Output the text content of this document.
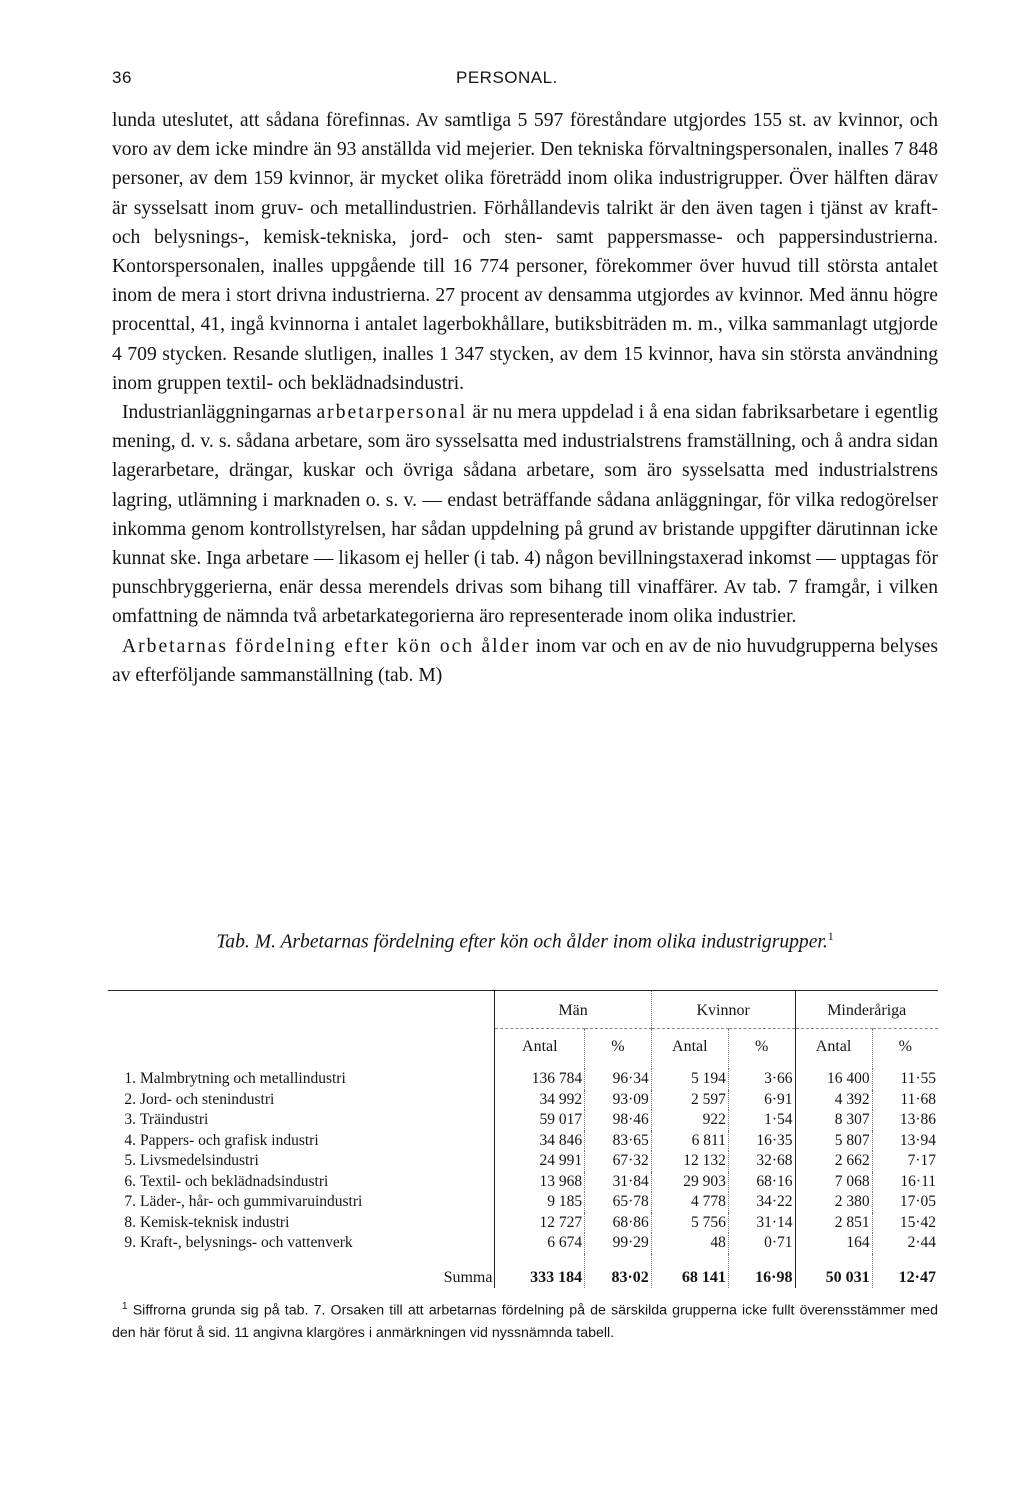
36	PERSONAL.

lunda uteslutet, att sådana förefinnas. Av samtliga 5 597 föreståndare utgjordes 155 st. av kvinnor, och voro av dem icke mindre än 93 anställda vid mejerier. Den tekniska förvaltningspersonalen, inalles 7 848 personer, av dem 159 kvinnor, är mycket olika företrädd inom olika industrigrupper. Över hälften därav är sysselsatt inom gruv- och metallindustrien. Förhållandevis talrikt är den även tagen i tjänst av kraft- och belysnings-, kemisk-tekniska, jord- och sten- samt pappersmasse- och pappersindustrierna. Kontorspersonalen, inalles uppgående till 16 774 personer, förekommer över huvud till största antalet inom de mera i stort drivna industrierna. 27 procent av densamma utgjordes av kvinnor. Med ännu högre procenttal, 41, ingå kvinnorna i antalet lagerbokhållare, butiksbiträden m. m., vilka sammanlagt utgjorde 4 709 stycken. Resande slutligen, inalles 1 347 stycken, av dem 15 kvinnor, hava sin största användning inom gruppen textil- och beklädnadsindustri.

Industrianläggningarnas arbetarpersonal är nu mera uppdelad i å ena sidan fabriksarbetare i egentlig mening, d. v. s. sådana arbetare, som äro sysselsatta med industrialstrens framställning, och å andra sidan lagerarbetare, drängar, kuskar och övriga sådana arbetare, som äro sysselsatta med industrialstrens lagring, utlämning i marknaden o. s. v. — endast beträffande sådana anläggningar, för vilka redogörelser inkomma genom kontrollstyrelsen, har sådan uppdelning på grund av bristande uppgifter därutinnan icke kunnat ske. Inga arbetare — likasom ej heller (i tab. 4) någon bevillningstaxerad inkomst — upptagas för punschbryggerierna, enär dessa merendels drivas som bihang till vinaffärer. Av tab. 7 framgår, i vilken omfattning de nämnda två arbetarkategorierna äro representerade inom olika industrier.

Arbetarnas fördelning efter kön och ålder inom var och en av de nio huvudgrupperna belyses av efterföljande sammanställning (tab. M)

Tab. M. Arbetarnas fördelning efter kön och ålder inom olika industrigrupper.$^1$

		Män		Kvinnor		Minderåriga	
		Antal	%	Antal	%	Antal	%
1.	Malmbrytning och metallindustri	136 784	96·34	5 194	3·66	16 400	11·55
2.	Jord- och stenindustri	34 992	93·09	2 597	6·91	4 392	11·68
3.	Träindustri	59 017	98·46	922	1·54	8 307	13·86
4.	Pappers- och grafisk industri	34 846	83·65	6 811	16·35	5 807	13·94
5.	Livsmedelsindustri	24 991	67·32	12 132	32·68	2 662	7·17
6.	Textil- och beklädnadsindustri	13 968	31·84	29 903	68·16	7 068	16·11
7.	Läder-, hår- och gummivaruindustri	9 185	65·78	4 778	34·22	2 380	17·05
8.	Kemisk-teknisk industri	12 727	68·86	5 756	31·14	2 851	15·42
9.	Kraft-, belysnings- och vattenverk	6 674	99·29	48	0·71	164	2·44
Summa		333 184	83·02	68 141	16·98	50 031	12·47
$^1$ Siffrorna grunda sig på tab. 7. Orsaken till att arbetarnas fördelning på de särskilda grupperna icke fullt överensstämmer med den här förut å sid. 11 angivna klargöres i anmärkningen vid nyssnämnda tabell.
